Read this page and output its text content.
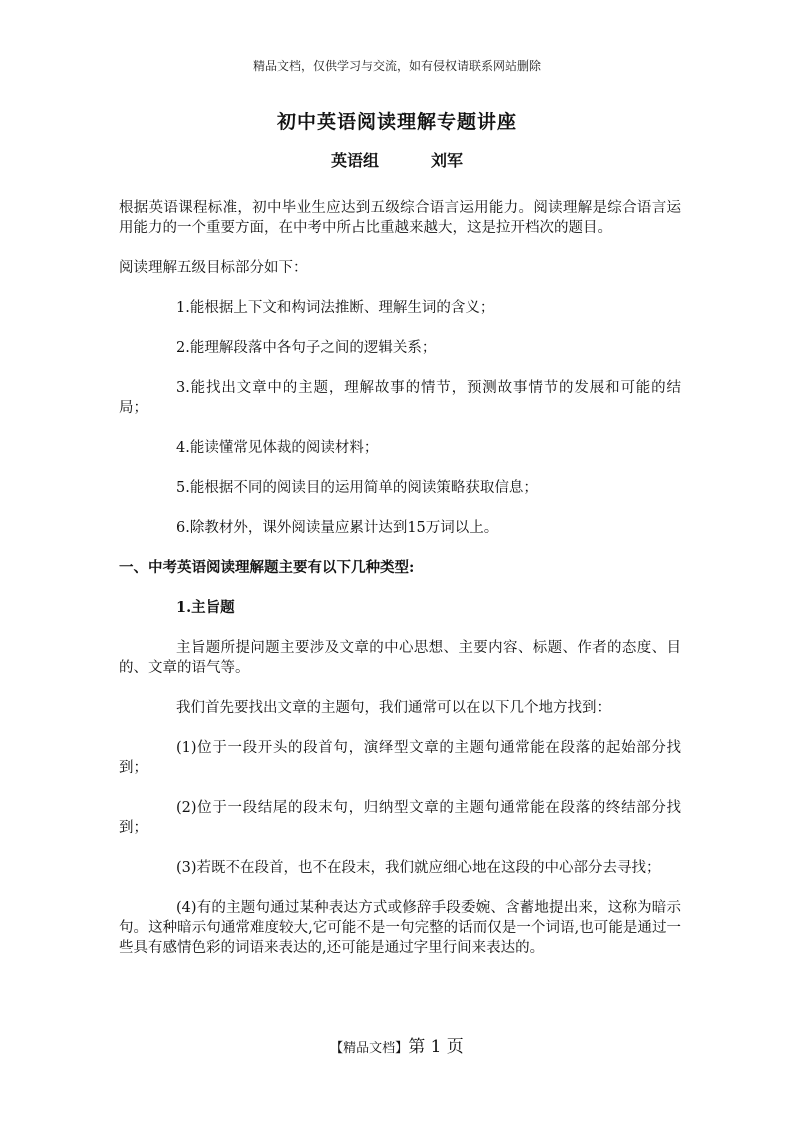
精品文档，仅供学习与交流，如有侵权请联系网站删除
初中英语阅读理解专题讲座
英语组	刘军

根据英语课程标准，初中毕业生应达到五级综合语言运用能力。阅读理解是综合语言运用能力的一个重要方面，在中考中所占比重越来越大，这是拉开档次的题目。

阅读理解五级目标部分如下：

1.能根据上下文和构词法推断、理解生词的含义；

2.能理解段落中各句子之间的逻辑关系；

3.能找出文章中的主题，理解故事的情节，预测故事情节的发展和可能的结局；

4.能读懂常见体裁的阅读材料；

5.能根据不同的阅读目的运用简单的阅读策略获取信息；

6.除教材外，课外阅读量应累计达到15万词以上。

一、中考英语阅读理解题主要有以下几种类型:

1.主旨题

主旨题所提问题主要涉及文章的中心思想、主要内容、标题、作者的态度、目的、文章的语气等。

我们首先要找出文章的主题句，我们通常可以在以下几个地方找到：

(1)位于一段开头的段首句，演绎型文章的主题句通常能在段落的起始部分找到；

(2)位于一段结尾的段末句，归纳型文章的主题句通常能在段落的终结部分找到；

(3)若既不在段首，也不在段末，我们就应细心地在这段的中心部分去寻找；

(4)有的主题句通过某种表达方式或修辞手段委婉、含蓄地提出来，这称为暗示句。这种暗示句通常难度较大,它可能不是一句完整的话而仅是一个词语,也可能是通过一些具有感情色彩的词语来表达的,还可能是通过字里行间来表达的。

【精品文档】第 1 页
